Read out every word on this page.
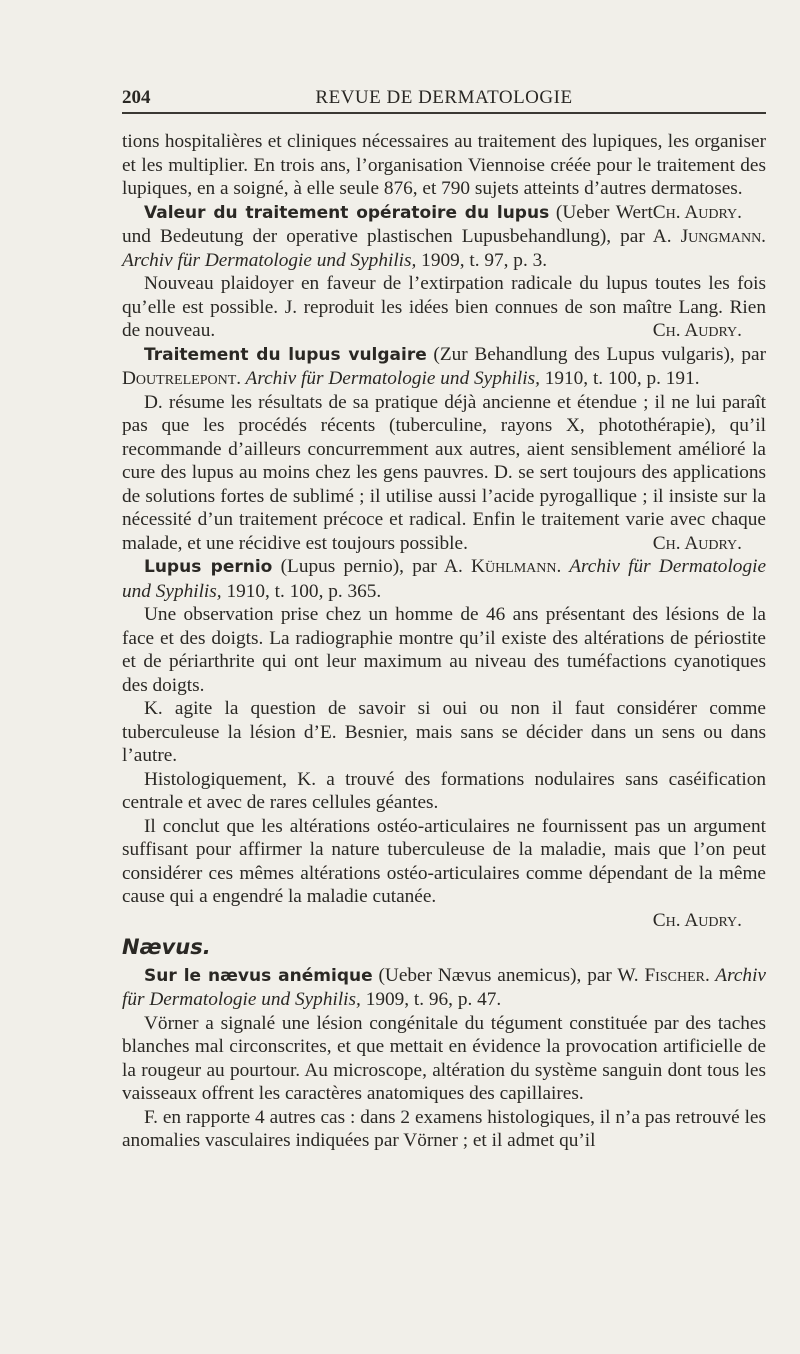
204	REVUE DE DERMATOLOGIE

tions hospitalières et cliniques nécessaires au traitement des lupiques, les organiser et les multiplier. En trois ans, l’organisation Viennoise créée pour le traitement des lupiques, en a soigné, à elle seule 876, et 790 sujets atteints d’autres dermatoses.
Ch. Audry.

Valeur du traitement opératoire du lupus (Ueber Wert und Bedeutung der operative plastischen Lupusbehandlung), par A. Jungmann. Archiv für Dermatologie und Syphilis, 1909, t. 97, p. 3.

Nouveau plaidoyer en faveur de l’extirpation radicale du lupus toutes les fois qu’elle est possible. J. reproduit les idées bien connues de son maître Lang. Rien de nouveau.	Ch. Audry.

Traitement du lupus vulgaire (Zur Behandlung des Lupus vulgaris), par Doutrelepont. Archiv für Dermatologie und Syphilis, 1910, t. 100, p. 191.

D. résume les résultats de sa pratique déjà ancienne et étendue ; il ne lui paraît pas que les procédés récents (tuberculine, rayons X, photothérapie), qu’il recommande d’ailleurs concurremment aux autres, aient sensiblement amélioré la cure des lupus au moins chez les gens pauvres. D. se sert toujours des applications de solutions fortes de sublimé ; il utilise aussi l’acide pyrogallique ; il insiste sur la nécessité d’un traitement précoce et radical. Enfin le traitement varie avec chaque malade, et une récidive est toujours possible.	Ch. Audry.

Lupus pernio (Lupus pernio), par A. Kühlmann. Archiv für Dermatologie und Syphilis, 1910, t. 100, p. 365.

Une observation prise chez un homme de 46 ans présentant des lésions de la face et des doigts. La radiographie montre qu’il existe des altérations de périostite et de périarthrite qui ont leur maximum au niveau des tuméfactions cyanotiques des doigts.

K. agite la question de savoir si oui ou non il faut considérer comme tuberculeuse la lésion d’E. Besnier, mais sans se décider dans un sens ou dans l’autre.

Histologiquement, K. a trouvé des formations nodulaires sans caséification centrale et avec de rares cellules géantes.

Il conclut que les altérations ostéo-articulaires ne fournissent pas un argument suffisant pour affirmer la nature tuberculeuse de la maladie, mais que l’on peut considérer ces mêmes altérations ostéo-articulaires comme dépendant de la même cause qui a engendré la maladie cutanée.
Ch. Audry.

Nævus.

Sur le nævus anémique (Ueber Nævus anemicus), par W. Fischer. Archiv für Dermatologie und Syphilis, 1909, t. 96, p. 47.

Vörner a signalé une lésion congénitale du tégument constituée par des taches blanches mal circonscrites, et que mettait en évidence la provocation artificielle de la rougeur au pourtour. Au microscope, altération du système sanguin dont tous les vaisseaux offrent les caractères anatomiques des capillaires.

F. en rapporte 4 autres cas : dans 2 examens histologiques, il n’a pas retrouvé les anomalies vasculaires indiquées par Vörner ; et il admet qu’il
